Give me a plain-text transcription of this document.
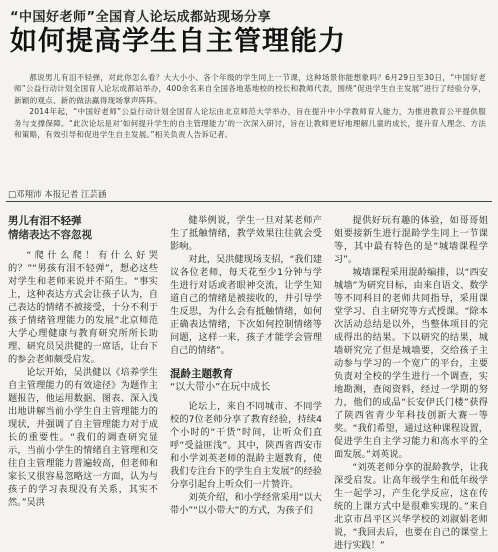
“中国好老师”全国育人论坛成都站现场分享
如何提高学生自主管理能力

都说男儿有泪不轻弹，对此你怎么看？大大小小、各个年级的学生同上一节课，这种场景你能想象吗？6月29日至30日，“中国好老师”公益行动计划全国育人论坛成都站举办，400余名来自全国各地基地校的校长和教师代表，围绕“促进学生自主发展”进行了经验分享，新颖的观点、新的做法赢得现场掌声阵阵。

2014年起，“中国好老师”公益行动计划全国育人论坛由北京师范大学举办，旨在提升中小学教师育人能力，为推进教育公平提供服务与支撑保障。“此次论坛是对‘如何提升学生的自主管理能力’的一次深入研讨，旨在让教师更好地理解儿童的成长，提升育人理念、方法和策略，有效引导和促进学生自主发展。”相关负责人告诉记者。

□邓翔沛 本报记者 江芸涵
男儿有泪不轻弹
情绪表达不容忽视

“爬什么爬！有什么好哭的？”“男孩有泪不轻弹”，想必这些对学生和老师来说并不陌生。“事实上，这种表达方式会让孩子认为，自己表达的情绪不被接受，十分不利于孩子情绪管理能力的发展”北京师范大学心理健康与教育研究所所长助理、研究员吴洪健的一席话，让台下的参会老师颇受启发。

论坛开始，吴洪健以《培养学生自主管理能力的有效途径》为题作主题报告，他运用数据、图表、深入浅出地讲解当前小学生自主管理能力的现状，并强调了自主管理能力对于成长的重要性。“我们的调查研究显示，当前小学生的情绪自主管理和交往自主管理能力普遍较高，但老师和家长又很容易忽略这一方面，认为与孩子的学习表现没有关系，其实不然。”吴洪

健举例说，学生一旦对某老师产生了抵触情绪，教学效果往往就会受影响。

对此，吴洪健现场支招，“我们建议各位老师，每天花至少1分钟与学生进行对话或者眼神交流，让学生知道自己的情绪是被接收的，并引导学生反思，为什么会有抵触情绪，如何正确表达情绪，下次如何控制情绪等问题，这样一来，孩子才能学会管理自己的情绪”。

混龄主题教育
“以大带小”在玩中成长

论坛上，来自不同城市、不同学校的7位老师分享了教育经验，持续4个小时的“干货”时间，让听众们直呼“受益匪浅”。其中，陕西省西安市和小学刘英老师的混龄主题教育，使我们专注台下的学生自主发展”的经验分享引起台上听众们一片赞许。

刘英介绍，和小学经常采用“以大带小”“以小带大”的方式，为孩子们

提供好玩有趣的体验，如哥哥姐姐要接新生进行混龄学生同上一节课等，其中最有特色的是“城墙课程学习”。

城墙课程采用混龄编排，以“西安城墙”为研究目标，由来自语文、数学等不同科目的老师共同指导，采用课堂学习、自主研究等方式授课。“除本次活动总结是以外，当整体项目的完成得出的结果。下以研究的结果，城墙研究完了但是城墙要，交给孩子主动参与学习的一个宽广的平台，主要负责对全校的学生进行一个调查，实地勘测，查阅资料，经过一学期的努力，他们的成品“长安伊氏门楼”获得了陕西省青少年科技创新大赛一等奖。“我们希望，通过这种课程设置，促进学生自主学习能力和高水平的全面发展。”刘英说。

“刘英老师分享的混龄教学，让我深受启发。让高年级学生和低年级学生一起学习，产生化学反应，这在传统的上课方式中是很难实现的。”来自北京市昌平区兴华学校的刘淑娟老师说，“我回去后，也要在自己的课堂上进行实践！”
